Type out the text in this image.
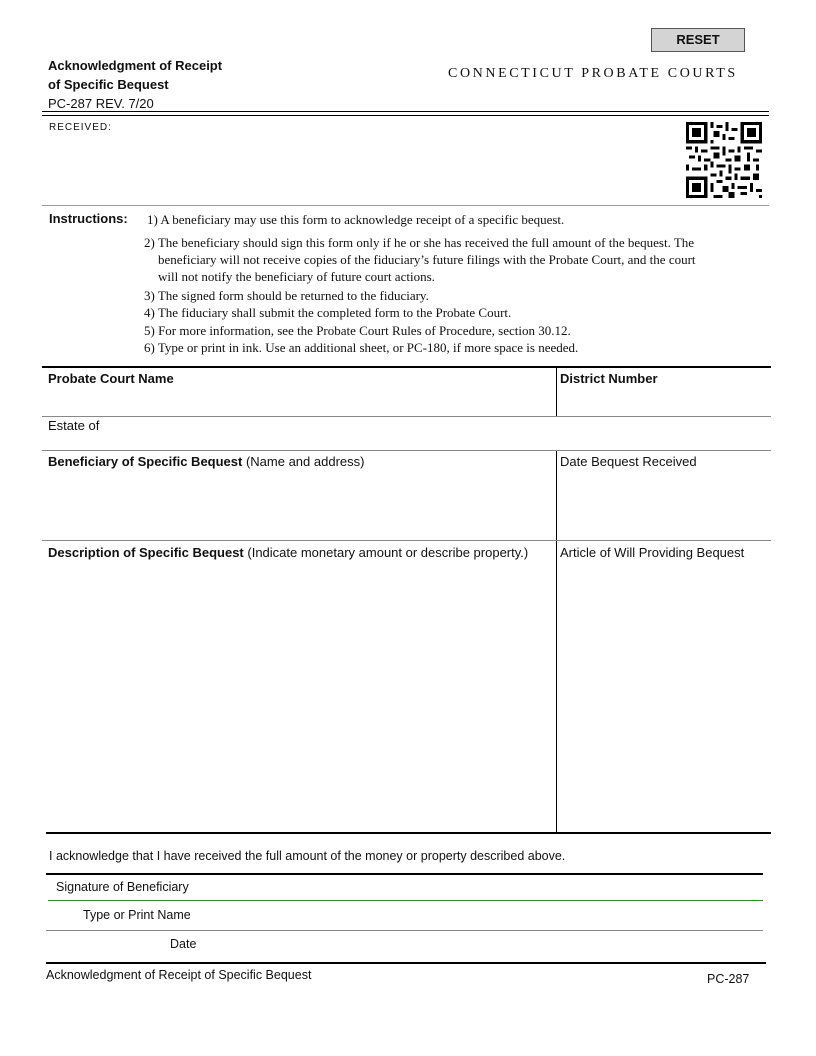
RESET
Acknowledgment of Receipt
of Specific Bequest
PC-287 REV. 7/20
CONNECTICUT PROBATE COURTS
RECEIVED:
Instructions: 1) A beneficiary may use this form to acknowledge receipt of a specific bequest.
2) The beneficiary should sign this form only if he or she has received the full amount of the bequest. The
beneficiary will not receive copies of the fiduciary’s future filings with the Probate Court, and the court
will not notify the beneficiary of future court actions.
3) The signed form should be returned to the fiduciary.
4) The fiduciary shall submit the completed form to the Probate Court.
5) For more information, see the Probate Court Rules of Procedure, section 30.12.
6) Type or print in ink. Use an additional sheet, or PC-180, if more space is needed.
Probate Court Name	District Number
Estate of
Beneficiary of Specific Bequest (Name and address)	Date Bequest Received
Description of Specific Bequest (Indicate monetary amount or describe property.) Article of Will Providing Bequest
I acknowledge that I have received the full amount of the money or property described above.
Signature of Beneficiary
Type or Print Name
Date
Acknowledgment of Receipt of Specific Bequest	PC-287
